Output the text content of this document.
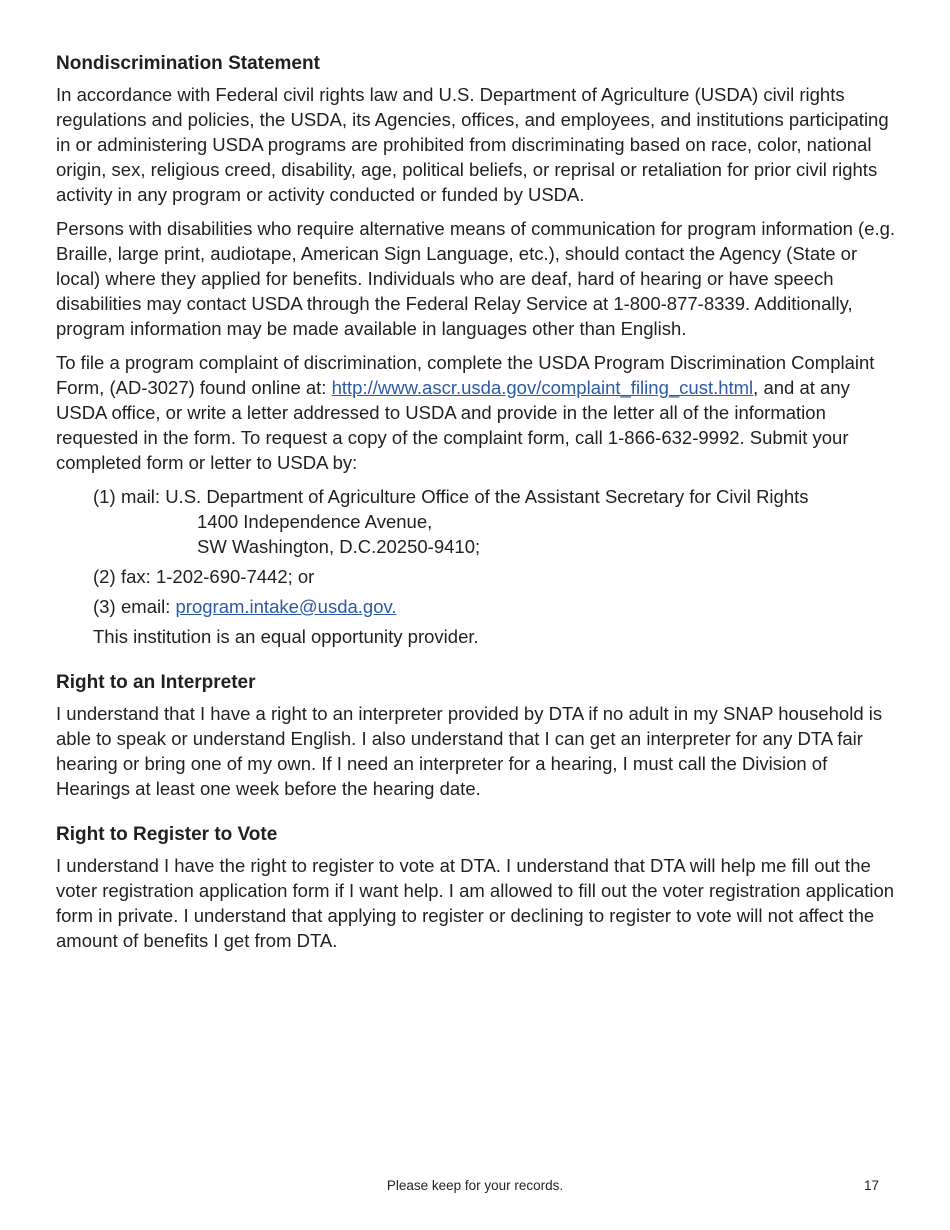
Nondiscrimination Statement

In accordance with Federal civil rights law and U.S. Department of Agriculture (USDA) civil rights regulations and policies, the USDA, its Agencies, offices, and employees, and institutions participating in or administering USDA programs are prohibited from discriminating based on race, color, national origin, sex, religious creed, disability, age, political beliefs, or reprisal or retaliation for prior civil rights activity in any program or activity conducted or funded by USDA.

Persons with disabilities who require alternative means of communication for program information (e.g. Braille, large print, audiotape, American Sign Language, etc.), should contact the Agency (State or local) where they applied for benefits. Individuals who are deaf, hard of hearing or have speech disabilities may contact USDA through the Federal Relay Service at 1-800-877-8339. Additionally, program information may be made available in languages other than English.

To file a program complaint of discrimination, complete the USDA Program Discrimination Complaint Form, (AD-3027) found online at: http://www.ascr.usda.gov/complaint_filing_cust.html, and at any USDA office, or write a letter addressed to USDA and provide in the letter all of the information requested in the form. To request a copy of the complaint form, call 1-866-632-9992. Submit your completed form or letter to USDA by:

(1) mail: U.S. Department of Agriculture Office of the Assistant Secretary for Civil Rights
1400 Independence Avenue,
SW Washington, D.C.20250-9410;
(2) fax: 1-202-690-7442; or
(3) email: program.intake@usda.gov.
This institution is an equal opportunity provider.
Right to an Interpreter

I understand that I have a right to an interpreter provided by DTA if no adult in my SNAP household is able to speak or understand English. I also understand that I can get an interpreter for any DTA fair hearing or bring one of my own. If I need an interpreter for a hearing, I must call the Division of Hearings at least one week before the hearing date.

Right to Register to Vote

I understand I have the right to register to vote at DTA. I understand that DTA will help me fill out the voter registration application form if I want help. I am allowed to fill out the voter registration application form in private. I understand that applying to register or declining to register to vote will not affect the amount of benefits I get from DTA.

Please keep for your records.	17
